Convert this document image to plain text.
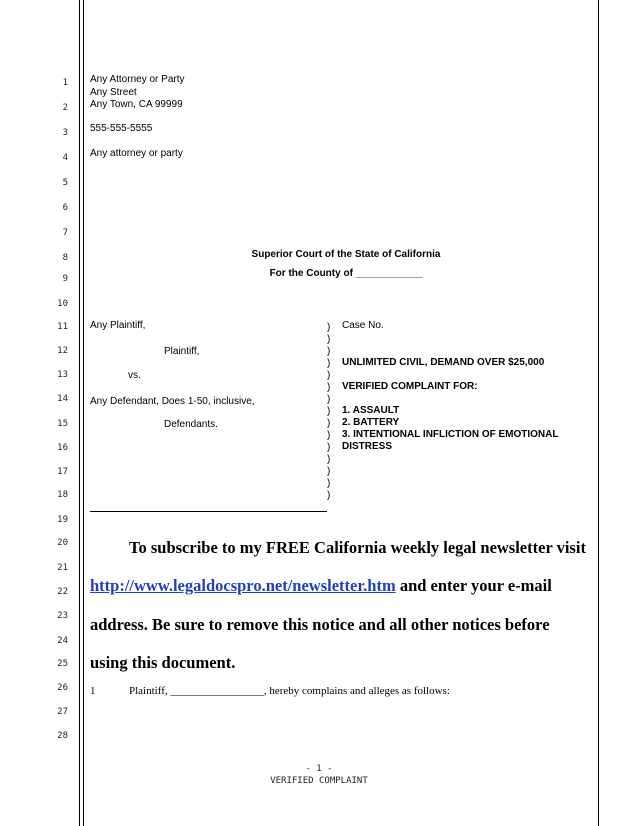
1
2
3
4
5
6
7
8
9
10
11
12
13
14
15
16
17
18
19
20
21
22
23
24
25
26
27
28
Any Attorney or Party
Any Street
Any Town, CA 99999
555-555-5555
Any attorney or party
Superior Court of the State of California
For the County of ____________
Any Plaintiff,
Plaintiff,
vs.
Any Defendant, Does 1-50, inclusive,
Defendants.
)
)
)
)
)
)
)
)
)
)
)
)
)
)
)
Case No.
UNLIMITED CIVIL, DEMAND OVER $25,000
VERIFIED COMPLAINT FOR:
1. ASSAULT
2. BATTERY
3. INTENTIONAL INFLICTION OF EMOTIONAL
DISTRESS
To subscribe to my FREE California weekly legal newsletter visit
http://www.legaldocspro.net/newsletter.htm and enter your e-mail
address. Be sure to remove this notice and all other notices before
using this document.
1	Plaintiff, _________________, hereby complains and alleges as follows:
- 1 -
VERIFIED COMPLAINT
